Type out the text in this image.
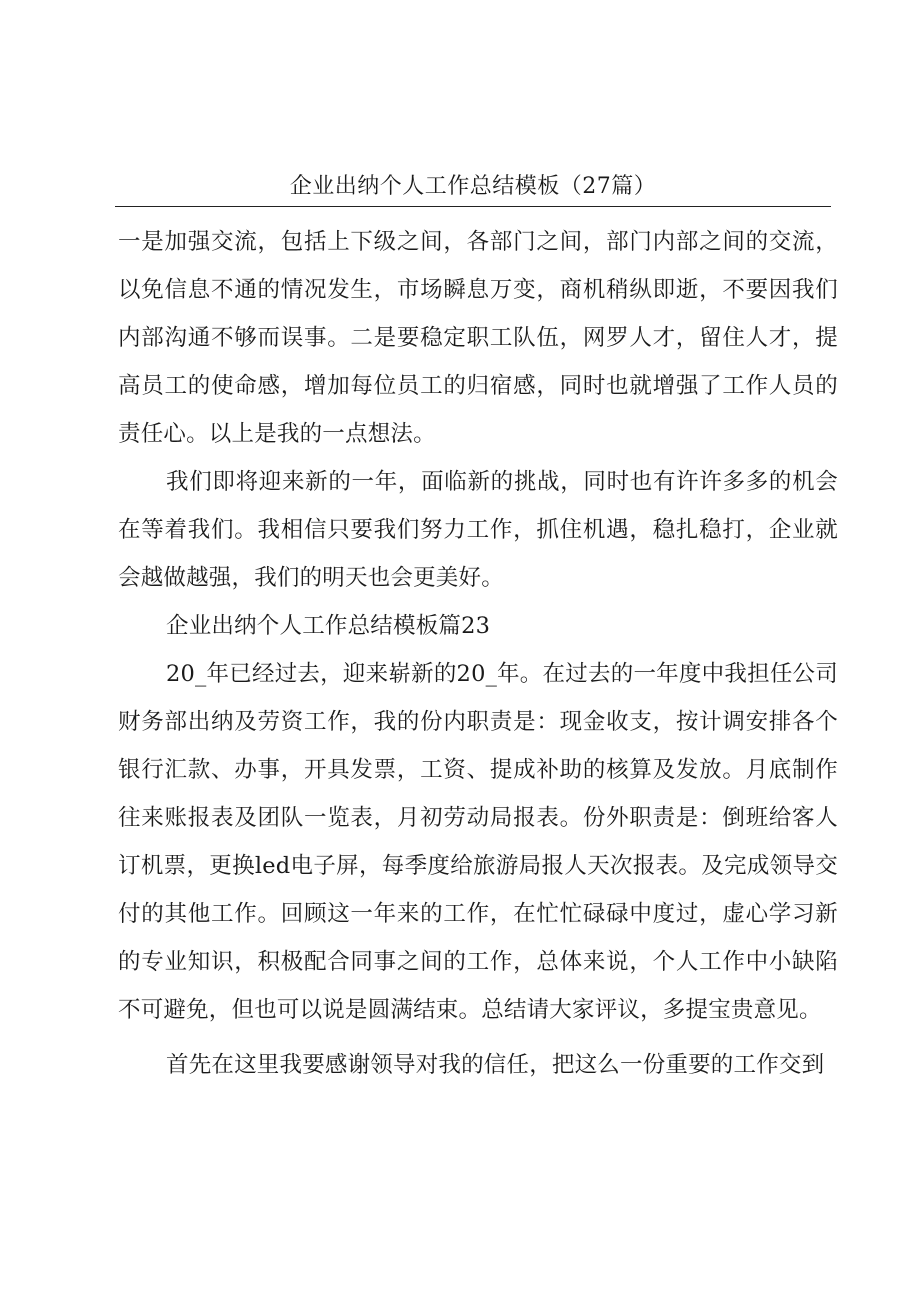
企业出纳个人工作总结模板（27篇）

一是加强交流，包括上下级之间，各部门之间，部门内部之间的交流，以免信息不通的情况发生，市场瞬息万变，商机稍纵即逝，不要因我们内部沟通不够而误事。二是要稳定职工队伍，网罗人才，留住人才，提高员工的使命感，增加每位员工的归宿感，同时也就增强了工作人员的责任心。以上是我的一点想法。

我们即将迎来新的一年，面临新的挑战，同时也有许许多多的机会在等着我们。我相信只要我们努力工作，抓住机遇，稳扎稳打，企业就会越做越强，我们的明天也会更美好。

企业出纳个人工作总结模板篇23

20_年已经过去，迎来崭新的20_年。在过去的一年度中我担任公司财务部出纳及劳资工作，我的份内职责是：现金收支，按计调安排各个银行汇款、办事，开具发票，工资、提成补助的核算及发放。月底制作往来账报表及团队一览表，月初劳动局报表。份外职责是：倒班给客人订机票，更换led电子屏，每季度给旅游局报人天次报表。及完成领导交付的其他工作。回顾这一年来的工作，在忙忙碌碌中度过，虚心学习新的专业知识，积极配合同事之间的工作，总体来说，个人工作中小缺陷不可避免，但也可以说是圆满结束。总结请大家评议，多提宝贵意见。

首先在这里我要感谢领导对我的信任，把这么一份重要的工作交到
